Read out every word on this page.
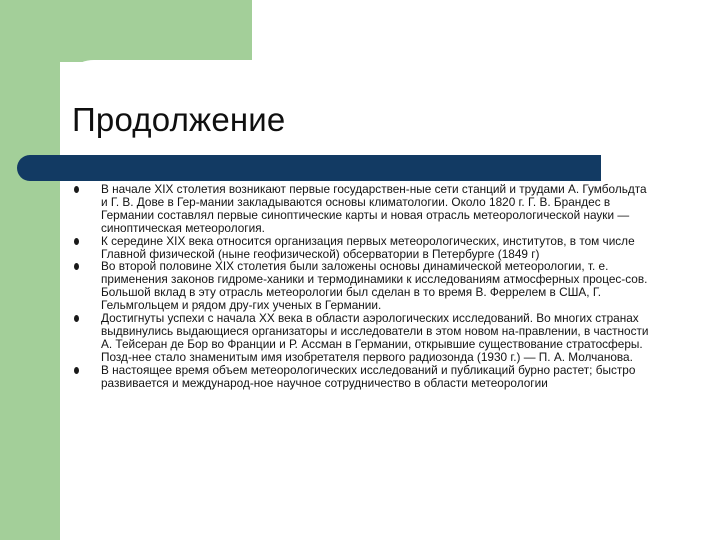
Продолжение
В начале XIX столетия возникают первые государствен-ные сети станций и трудами А. Гумбольдта и Г. В. Дове в Гер-мании закладываются основы климатологии. Около 1820 г. Г. В. Брандес в Германии составлял первые синоптические карты и новая отрасль метеорологической науки — синоптическая метеорология.
К середине XIX века относится организация первых метеорологических, институтов, в том числе Главной физической (ныне геофизической) обсерватории в Петербурге (1849 г)
Во второй половине XIX столетия были заложены основы динамической метеорологии, т. е. применения законов гидроме-ханики и термодинамики к исследованиям атмосферных процес-сов. Большой вклад в эту отрасль метеорологии был сделан в то время В. Феррелем в США, Г. Гельмгольцем и рядом дру-гих ученых в Германии.
Достигнуты успехи с начала XX века в области аэрологических исследований. Во многих странах выдвинулись выдающиеся организаторы и исследователи в этом новом на-правлении, в частности А. Тейсеран де Бор во Франции и Р. Ассман в Германии, открывшие существование стратосферы. Позд-нее стало знаменитым имя изобретателя первого радиозонда (1930 г.) — П. А. Молчанова.
В настоящее время объем метеорологических исследований и публикаций бурно растет; быстро развивается и международ-ное научное сотрудничество в области метеорологии
